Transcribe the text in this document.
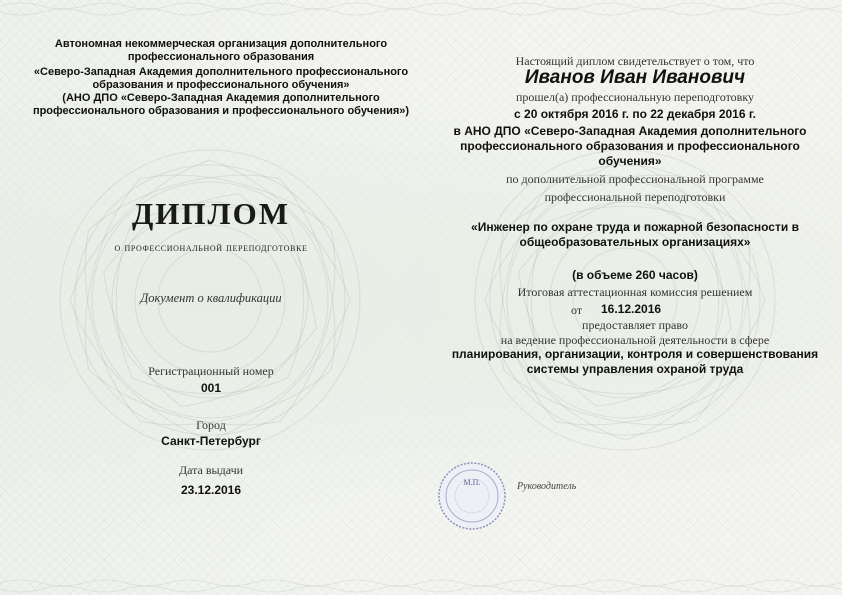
Автономная некоммерческая организация дополнительного профессионального образования

«Северо-Западная Академия дополнительного профессионального образования и профессионального обучения»

(АНО ДПО «Северо-Западная Академия дополнительного профессионального образования и профессионального обучения»)

ДИПЛОМ

о профессиональной переподготовке

Документ о квалификации

Регистрационный номер

001

Город

Санкт-Петербург

Дата выдачи

23.12.2016

Настоящий диплом свидетельствует о том, что

Иванов Иван Иванович

прошел(а) профессиональную переподготовку

с 20 октября 2016 г. по 22 декабря 2016 г.

в АНО ДПО «Северо-Западная Академия дополнительного профессионального образования и профессионального обучения»

по дополнительной профессиональной программе

профессиональной переподготовки

«Инженер по охране труда и пожарной безопасности в общеобразовательных организациях»

(в объеме 260 часов)

Итоговая аттестационная комиссия решением

от 16.12.2016

предоставляет право

на ведение профессиональной деятельности в сфере

планирования, организации, контроля и совершенствования системы управления охраной труда

М.П.	Руководитель
